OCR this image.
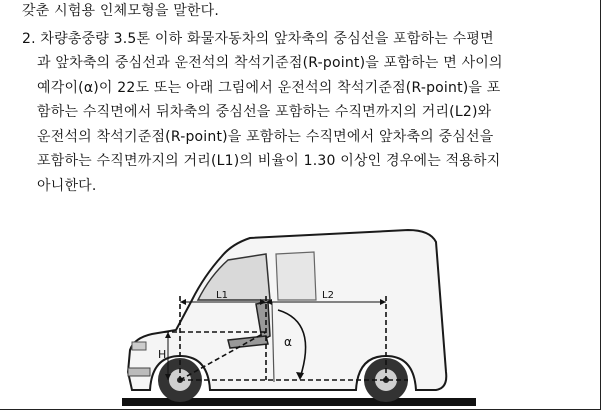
갖춘 시험용 인체모형을 말한다.
2. 차량총중량 3.5톤 이하 화물자동차의 앞차축의 중심선을 포함하는 수평면
과 앞차축의 중심선과 운전석의 착석기준점(R-point)을 포함하는 면 사이의
예각이(α)이 22도 또는 아래 그림에서 운전석의 착석기준점(R-point)을 포
함하는 수직면에서 뒤차축의 중심선을 포함하는 수직면까지의 거리(L2)와
운전석의 착석기준점(R-point)을 포함하는 수직면에서 앞차축의 중심선을
포함하는 수직면까지의 거리(L1)의 비율이 1.30 이상인 경우에는 적용하지
아니한다.
L1	L2
H
α
